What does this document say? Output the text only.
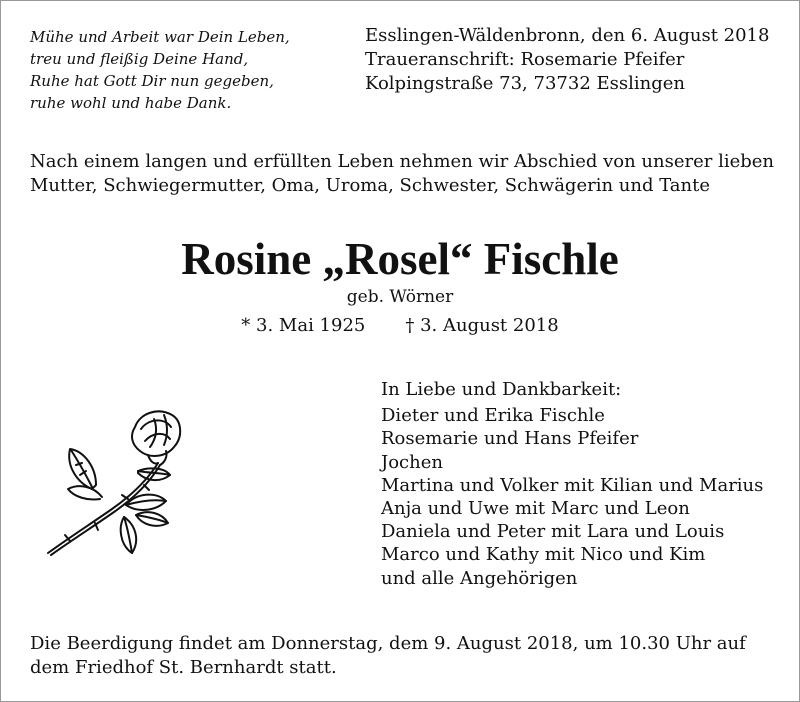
Mühe und Arbeit war Dein Leben,
treu und fleißig Deine Hand,
Ruhe hat Gott Dir nun gegeben,
ruhe wohl und habe Dank.
Esslingen-Wäldenbronn, den 6. August 2018
Traueranschrift: Rosemarie Pfeifer
Kolpingstraße 73, 73732 Esslingen
Nach einem langen und erfüllten Leben nehmen wir Abschied von unserer lieben
Mutter, Schwiegermutter, Oma, Uroma, Schwester, Schwägerin und Tante
Rosine „Rosel“ Fischle
geb. Wörner
* 3. Mai 1925 † 3. August 2018
In Liebe und Dankbarkeit:
Dieter und Erika Fischle
Rosemarie und Hans Pfeifer
Jochen
Martina und Volker mit Kilian und Marius
Anja und Uwe mit Marc und Leon
Daniela und Peter mit Lara und Louis
Marco und Kathy mit Nico und Kim
und alle Angehörigen
Die Beerdigung findet am Donnerstag, dem 9. August 2018, um 10.30 Uhr auf
dem Friedhof St. Bernhardt statt.
